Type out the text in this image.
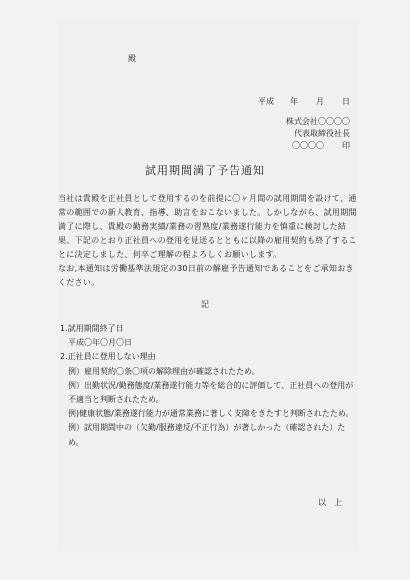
殿
平成 年 月 日
株式会社〇〇〇〇
代表取締役社長
〇〇〇〇 印
試用期間満了予告通知

当社は貴殿を正社員として登用するのを前提に〇ヶ月間の試用期間を設けて、通常の範囲での新人教育、指導、助言をおこないました。しかしながら、試用期間満了に際し、貴殿の勤務実績/業務の習熟度/業務遂行能力を慎重に検討した結果、下記のとおり正社員への登用を見送るとともに以降の雇用契約も終了することに決定しました、何卒ご理解の程よろしくお願いします。

なお,本通知は労働基準法規定の30日前の解雇予告通知であることをご承知おきください。

記
1.試用期間終了日
平成〇年〇月〇日
2.正社員に登用しない理由
例）雇用契約〇条〇項の解除理由が確認されたため。
例）出勤状況/勤務態度/業務遂行能力等を総合的に評価して、正社員への登用が不適当と判断されたため。
例)健康状態/業務遂行能力が通常業務に著しく支障をきたすと判断されたため。
例）試用期間中の（欠勤/服務違反/不正行為）が著しかった（確認された）ため。
以上
